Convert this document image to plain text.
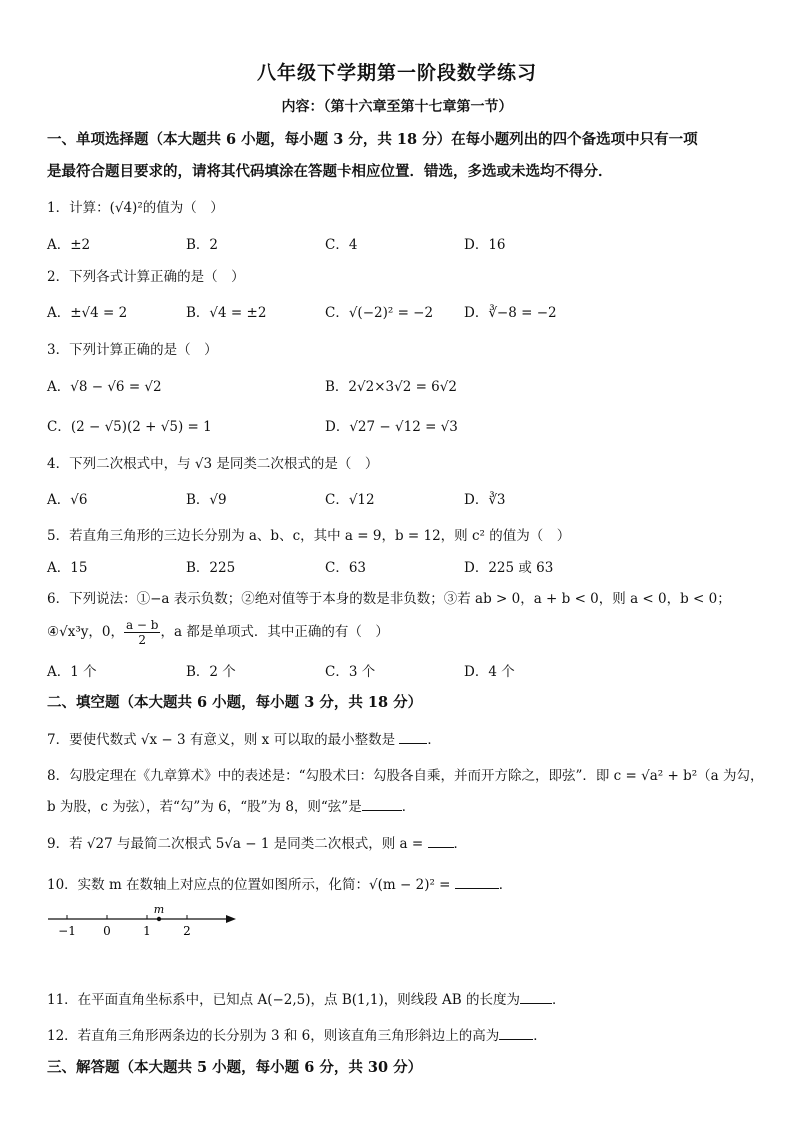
八年级下学期第一阶段数学练习
内容：（第十六章至第十七章第一节）
一、单项选择题（本大题共 6 小题，每小题 3 分，共 18 分）在每小题列出的四个备选项中只有一项
是最符合题目要求的，请将其代码填涂在答题卡相应位置．错选，多选或未选均不得分．
1．计算：(√4)²的值为（　）
A．±2	B．2	C．4	D．16
2．下列各式计算正确的是（　）
A．±√4 = 2	B．√4 = ±2	C．√(−2)² = −2 D．∛−8 = −2
3．下列计算正确的是（　）
A．√8 − √6 = √2	B．2√2×3√2 = 6√2
C．(2 − √5)(2 + √5) = 1	D．√27 − √12 = √3
4．下列二次根式中，与 √3 是同类二次根式的是（　）
A．√6	B．√9	C．√12	D．∛3
5．若直角三角形的三边长分别为 a、b、c，其中 a = 9，b = 12，则 c² 的值为（　）
A．15	B．225	C．63	D．225 或 63
6．下列说法：①−a 表示负数；②绝对值等于本身的数是非负数；③若 ab > 0，a + b < 0，则 a < 0，b < 0；
④√x³y，0， $\frac{a - b}{2}$ ，a 都是单项式．其中正确的有（　）
A．1 个	B．2 个	C．3 个	D．4 个
二、填空题（本大题共 6 小题，每小题 3 分，共 18 分）
7．要使代数式 √x − 3 有意义，则 x 可以取的最小整数是 ．
8．勾股定理在《九章算术》中的表述是：“勾股术曰：勾股各自乘，并而开方除之，即弦”．即 c = √a² + b²（a 为勾，
b 为股，c 为弦），若“勾”为 6，“股”为 8，则“弦”是	．
9．若 √27 与最简二次根式 5√a − 1 是同类二次根式，则 a = ．
10．实数 m 在数轴上对应点的位置如图所示，化简：√(m − 2)² =	．
−1 0	1	2
m
11．在平面直角坐标系中，已知点 A(−2,5)，点 B(1,1)，则线段 AB 的长度为 ．
12．若直角三角形两条边的长分别为 3 和 6，则该直角三角形斜边上的高为	．
三、解答题（本大题共 5 小题，每小题 6 分，共 30 分）
